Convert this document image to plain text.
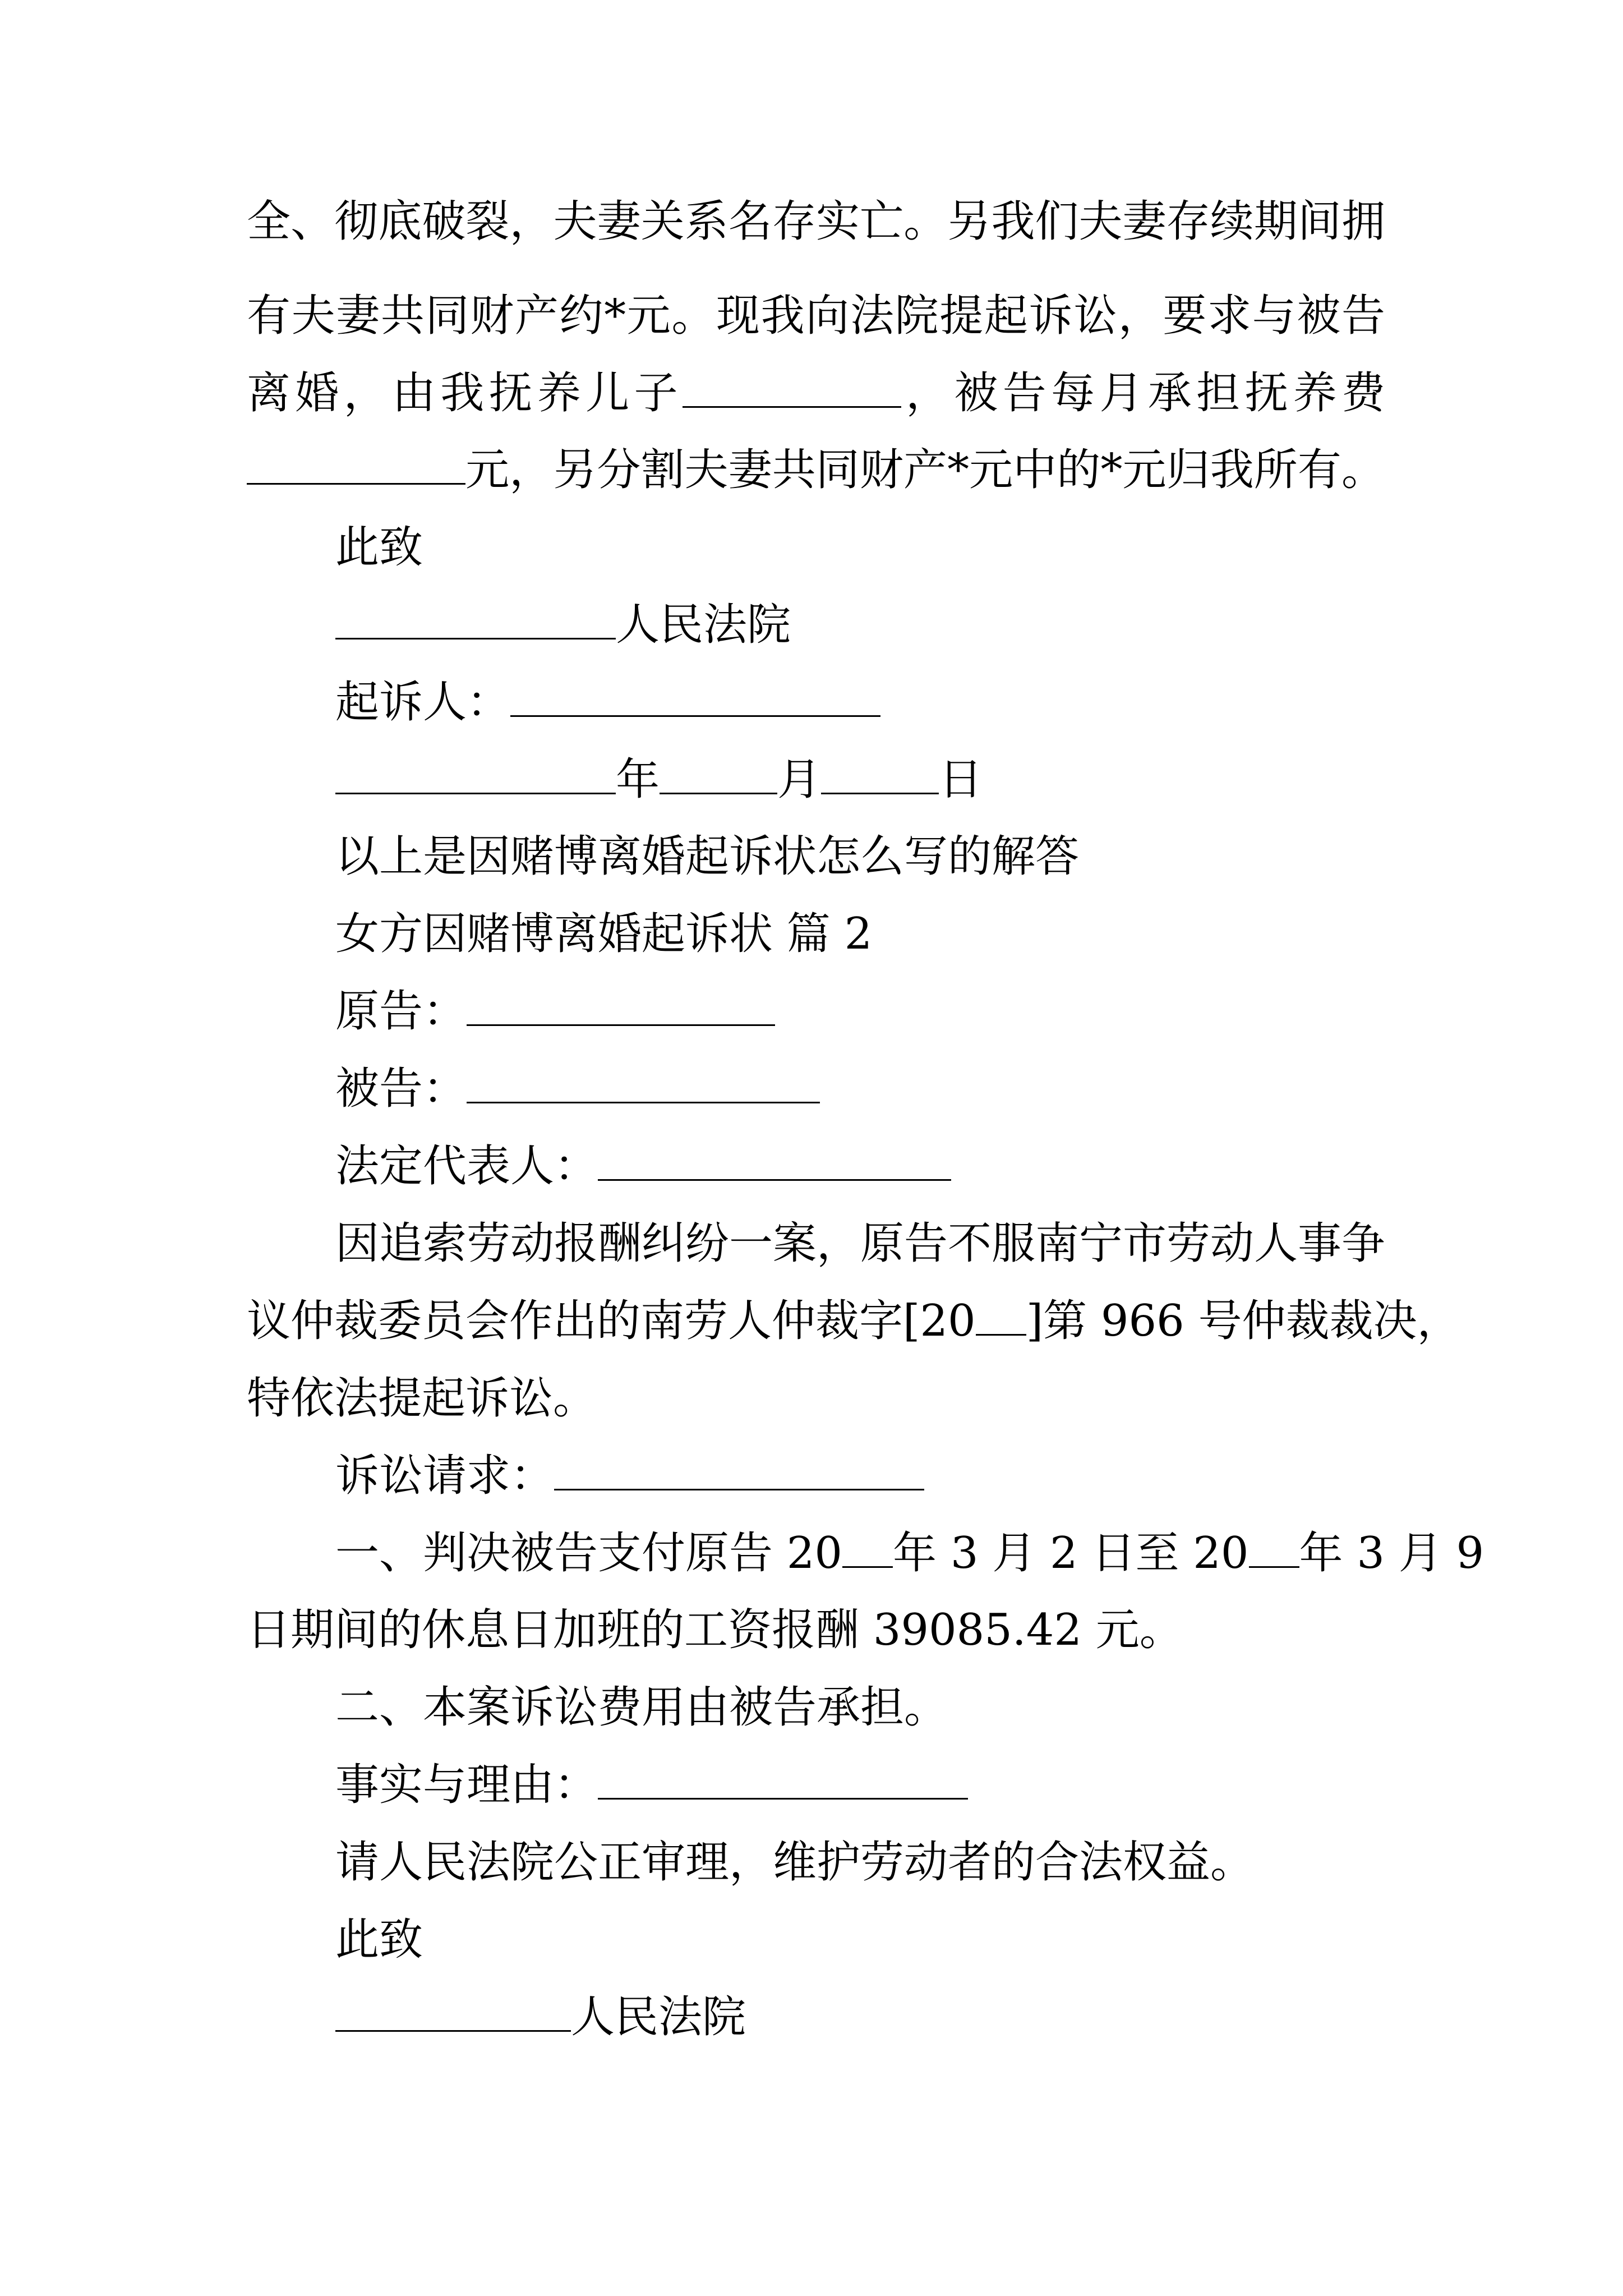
全、彻底破裂，夫妻关系名存实亡。另我们夫妻存续期间拥
有夫妻共同财产约*元。现我向法院提起诉讼，要求与被告
离婚，由我抚养儿子	，被告每月承担抚养费
元，另分割夫妻共同财产*元中的*元归我所有。
此致
人民法院
起诉人：
年	月	日
以上是因赌博离婚起诉状怎么写的解答
女方因赌博离婚起诉状 篇 2
原告：
被告：
法定代表人：
因追索劳动报酬纠纷一案，原告不服南宁市劳动人事争
议仲裁委员会作出的南劳人仲裁字[20 ]第 966 号仲裁裁决，
特依法提起诉讼。
诉讼请求：
一、判决被告支付原告 20 年 3 月 2 日至 20 年 3 月 9
日期间的休息日加班的工资报酬 39085.42 元。
二、本案诉讼费用由被告承担。
事实与理由：
请人民法院公正审理，维护劳动者的合法权益。
此致
人民法院
